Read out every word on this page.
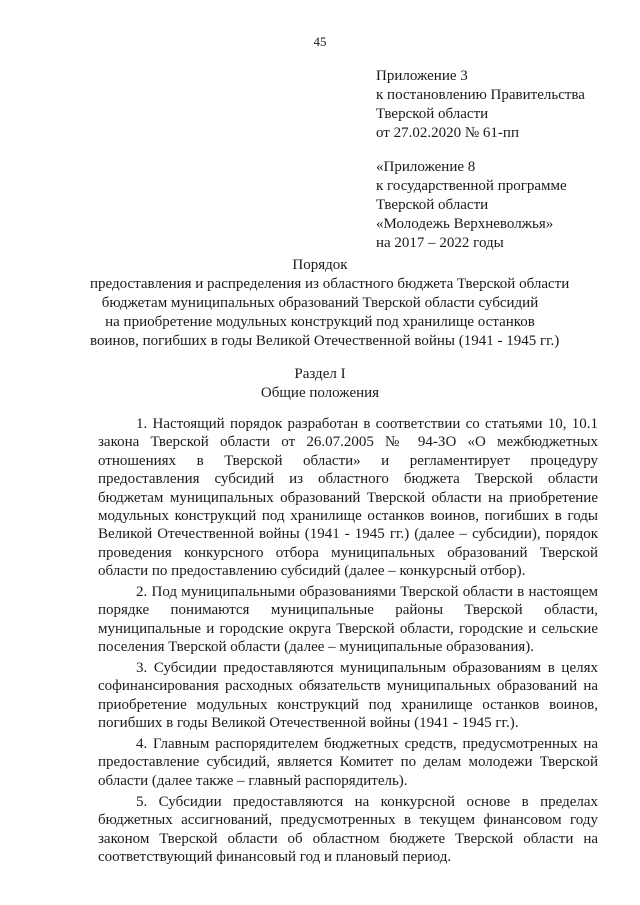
45
Приложение 3
к постановлению Правительства
Тверской области
от 27.02.2020 № 61-пп
«Приложение 8
к государственной программе
Тверской области
«Молодежь Верхневолжья»
на 2017 – 2022 годы
Порядок
предоставления и распределения из областного бюджета Тверской области
бюджетам муниципальных образований Тверской области субсидий
на приобретение модульных конструкций под хранилище останков
воинов, погибших в годы Великой Отечественной войны (1941 - 1945 гг.)
Раздел I
Общие положения

1. Настоящий порядок разработан в соответствии со статьями 10, 10.1 закона Тверской области от 26.07.2005 № 94-ЗО «О межбюджетных отношениях в Тверской области» и регламентирует процедуру предоставления субсидий из областного бюджета Тверской области бюджетам муниципальных образований Тверской области на приобретение модульных конструкций под хранилище останков воинов, погибших в годы Великой Отечественной войны (1941 - 1945 гг.) (далее – субсидии), порядок проведения конкурсного отбора муниципальных образований Тверской области по предоставлению субсидий (далее – конкурсный отбор).

2. Под муниципальными образованиями Тверской области в настоящем порядке понимаются муниципальные районы Тверской области, муниципальные и городские округа Тверской области, городские и сельские поселения Тверской области (далее – муниципальные образования).

3. Субсидии предоставляются муниципальным образованиям в целях софинансирования расходных обязательств муниципальных образований на приобретение модульных конструкций под хранилище останков воинов, погибших в годы Великой Отечественной войны (1941 - 1945 гг.).

4. Главным распорядителем бюджетных средств, предусмотренных на предоставление субсидий, является Комитет по делам молодежи Тверской области (далее также – главный распорядитель).

5. Субсидии предоставляются на конкурсной основе в пределах бюджетных ассигнований, предусмотренных в текущем финансовом году законом Тверской области об областном бюджете Тверской области на соответствующий финансовый год и плановый период.
